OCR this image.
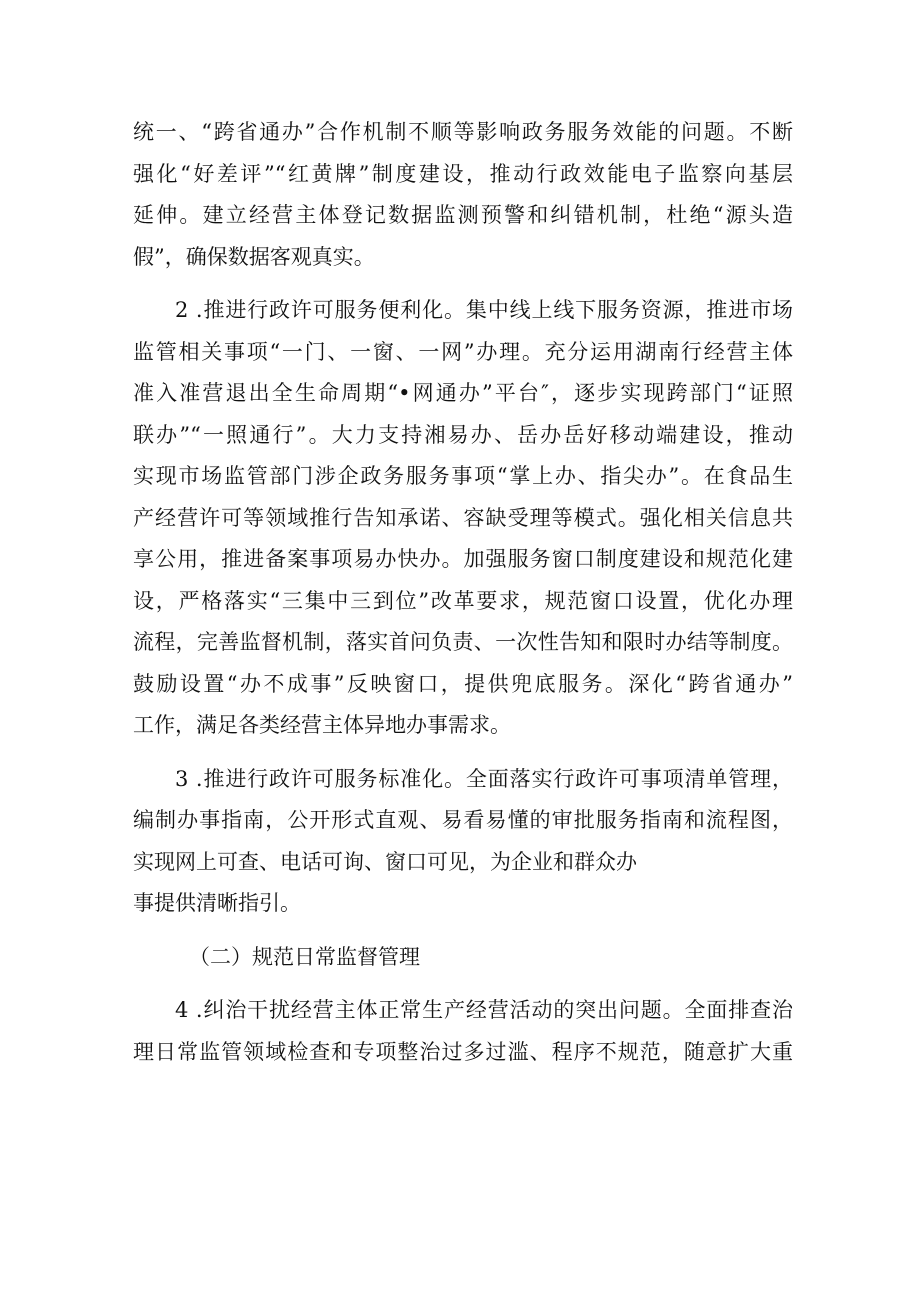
统一、“跨省通办”合作机制不顺等影响政务服务效能的问题。不断
强化“好差评”“红黄牌”制度建设，推动行政效能电子监察向基层
延伸。建立经营主体登记数据监测预警和纠错机制，杜绝“源头造
假”，确保数据客观真实。
2 .推进行政许可服务便利化。集中线上线下服务资源，推进市场
监管相关事项“一门、一窗、一网”办理。充分运用湖南行经营主体
准入准营退出全生命周期“•网通办”平台″，逐步实现跨部门“证照
联办”“一照通行”。大力支持湘易办、岳办岳好移动端建设，推动
实现市场监管部门涉企政务服务事项“掌上办、指尖办”。在食品生
产经营许可等领域推行告知承诺、容缺受理等模式。强化相关信息共
享公用，推进备案事项易办快办。加强服务窗口制度建设和规范化建
设，严格落实“三集中三到位”改革要求，规范窗口设置，优化办理
流程，完善监督机制，落实首问负责、一次性告知和限时办结等制度。
鼓励设置“办不成事”反映窗口，提供兜底服务。深化“跨省通办”
工作，满足各类经营主体异地办事需求。
3 .推进行政许可服务标准化。全面落实行政许可事项清单管理，
编制办事指南，公开形式直观、易看易懂的审批服务指南和流程图，
实现网上可查、电话可询、窗口可见，为企业和群众办
事提供清晰指引。
（二）规范日常监督管理
4 .纠治干扰经营主体正常生产经营活动的突出问题。全面排查治
理日常监管领域检查和专项整治过多过滥、程序不规范，随意扩大重
